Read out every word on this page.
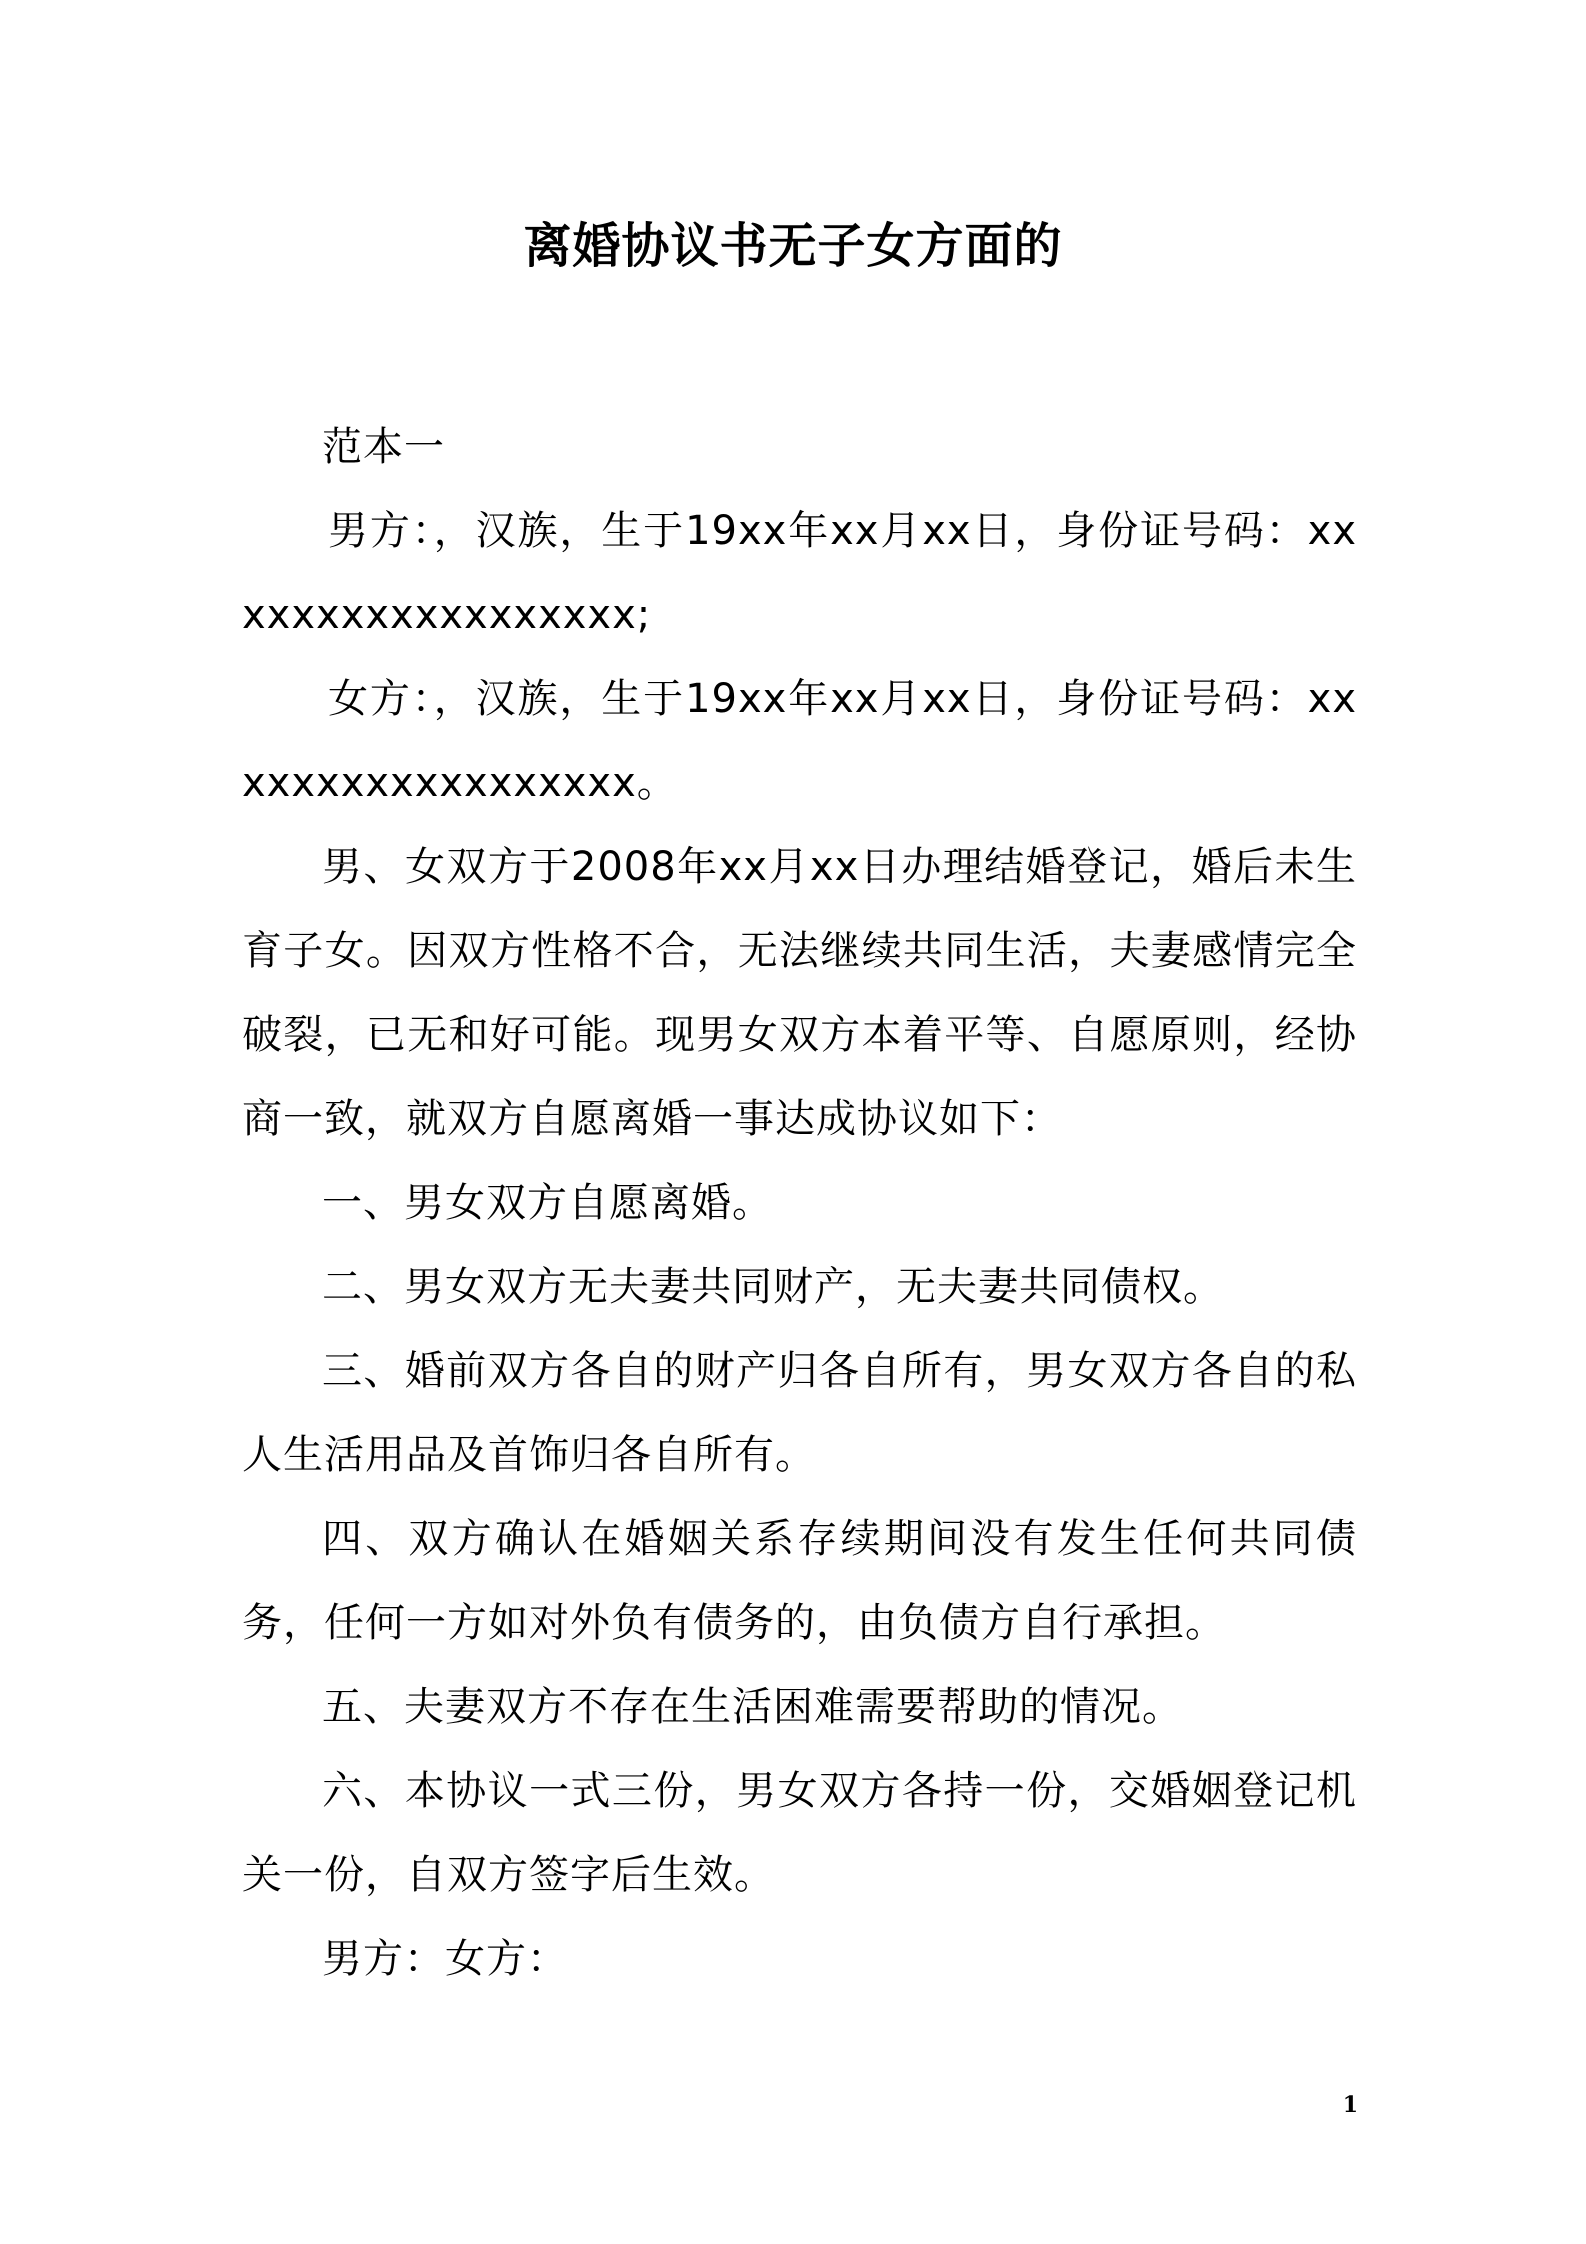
离婚协议书无子女方面的

范本一

男方：，汉族，生于19xx年xx月xx日，身份证号码：xxxxxxxxxxxxxxxxxx;

女方：，汉族，生于19xx年xx月xx日，身份证号码：xxxxxxxxxxxxxxxxxx。

男、女双方于2008年xx月xx日办理结婚登记，婚后未生育子女。因双方性格不合，无法继续共同生活，夫妻感情完全破裂，已无和好可能。现男女双方本着平等、自愿原则，经协商一致，就双方自愿离婚一事达成协议如下：

一、男女双方自愿离婚。

二、男女双方无夫妻共同财产，无夫妻共同债权。

三、婚前双方各自的财产归各自所有，男女双方各自的私人生活用品及首饰归各自所有。

四、双方确认在婚姻关系存续期间没有发生任何共同债务，任何一方如对外负有债务的，由负债方自行承担。

五、夫妻双方不存在生活困难需要帮助的情况。

六、本协议一式三份，男女双方各持一份，交婚姻登记机关一份，自双方签字后生效。

男方：女方：

1
